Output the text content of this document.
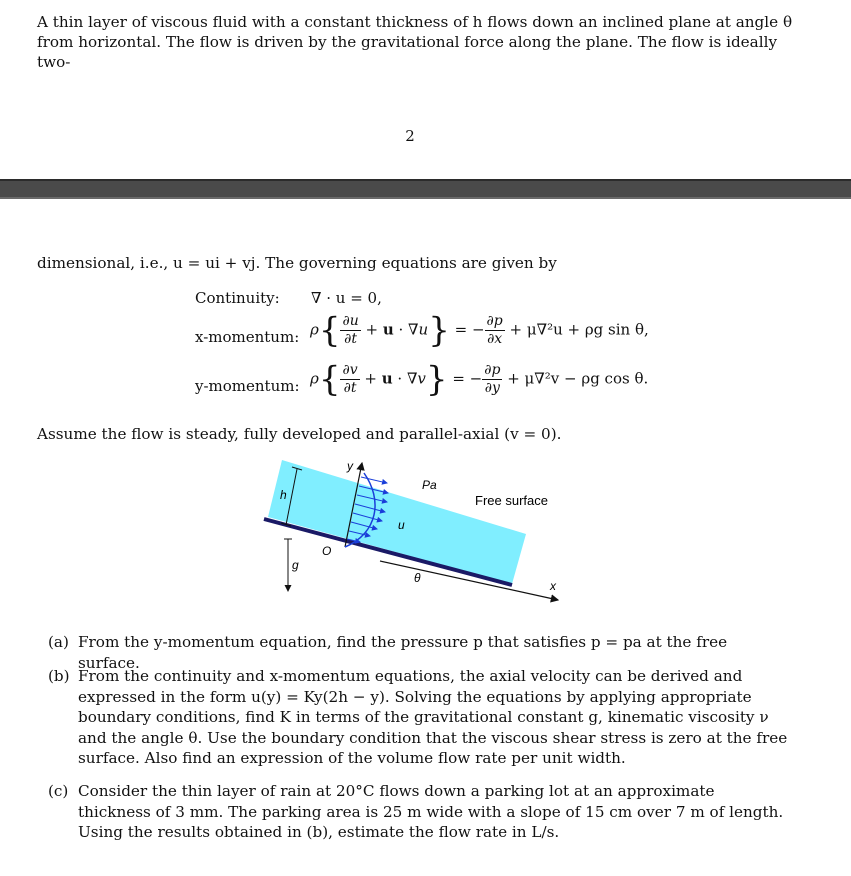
A thin layer of viscous fluid with a constant thickness of h flows down an inclined plane at angle θ
from horizontal. The flow is driven by the gravitational force along the plane. The flow is ideally two-
2
dimensional, i.e., u = ui + vj. The governing equations are given by
Continuity: ∇ · u = 0,
x-momentum: $\rho\{ \frac{\partial u}{\partial t} + u \cdot \nabla u\}$ = − $\frac{\partial p}{\partial x} + \mu\nabla^2u + \rho g$ sin θ,
y-momentum: $\rho\{ \frac{\partial v}{\partial t} + u \cdot \nabla v\}$ = − $\frac{\partial p}{\partial y} + \mu\nabla^2v - \rho g$ cos θ.
Assume the flow is steady, fully developed and parallel-axial (v = 0).
y
h
Pa
Free surface
u
O
g
θ
x
(a) From the y-momentum equation, find the pressure p that satisfies p = pa at the free surface.
(b) From the continuity and x-momentum equations, the axial velocity can be derived and expressed in the form u(y) = Ky(2h − y). Solving the equations by applying appropriate boundary conditions, find K in terms of the gravitational constant g, kinematic viscosity ν and the angle θ. Use the boundary condition that the viscous shear stress is zero at the free surface. Also find an expression of the volume flow rate per unit width.
(c) Consider the thin layer of rain at 20°C flows down a parking lot at an approximate thickness of 3 mm. The parking area is 25 m wide with a slope of 15 cm over 7 m of length. Using the results obtained in (b), estimate the flow rate in L/s.
